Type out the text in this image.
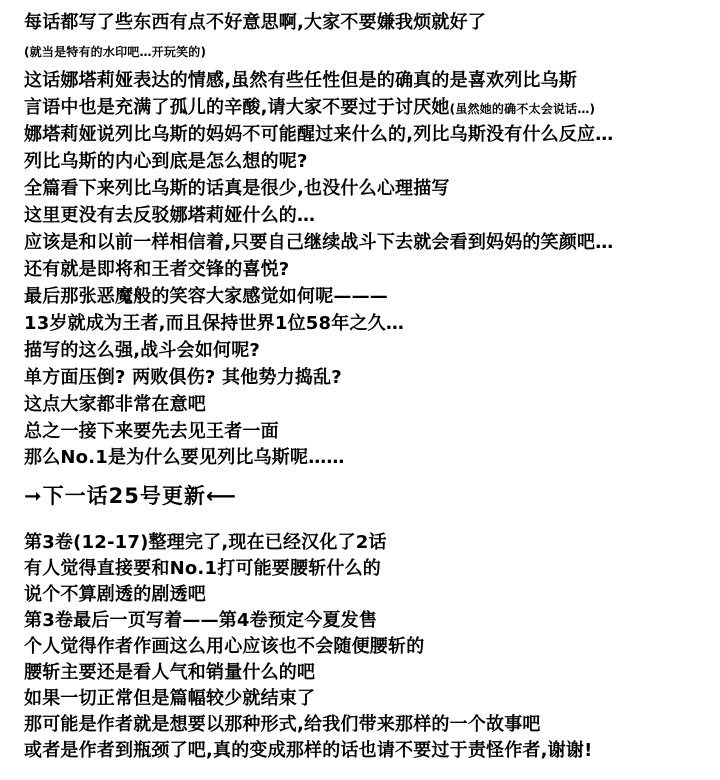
每话都写了些东西有点不好意思啊,大家不要嫌我烦就好了
(就当是特有的水印吧…开玩笑的)
这话娜塔莉娅表达的情感,虽然有些任性但是的确真的是喜欢列比乌斯
言语中也是充满了孤儿的辛酸,请大家不要过于讨厌她(虽然她的确不太会说话…)
娜塔莉娅说列比乌斯的妈妈不可能醒过来什么的,列比乌斯没有什么反应…
列比乌斯的内心到底是怎么想的呢?
全篇看下来列比乌斯的话真是很少,也没什么心理描写
这里更没有去反驳娜塔莉娅什么的…
应该是和以前一样相信着,只要自己继续战斗下去就会看到妈妈的笑颜吧…
还有就是即将和王者交锋的喜悦?
最后那张恶魔般的笑容大家感觉如何呢———
13岁就成为王者,而且保持世界1位58年之久…
描写的这么强,战斗会如何呢?
单方面压倒? 两败俱伤? 其他势力捣乱?
这点大家都非常在意吧
总之一接下来要先去见王者一面
那么No.1是为什么要见列比乌斯呢……
➞下一话25号更新⟵
第3卷(12-17)整理完了,现在已经汉化了2话
有人觉得直接要和No.1打可能要腰斩什么的
说个不算剧透的剧透吧
第3卷最后一页写着——第4卷预定今夏发售
个人觉得作者作画这么用心应该也不会随便腰斩的
腰斩主要还是看人气和销量什么的吧
如果一切正常但是篇幅较少就结束了
那可能是作者就是想要以那种形式,给我们带来那样的一个故事吧
或者是作者到瓶颈了吧,真的变成那样的话也请不要过于责怪作者,谢谢!
